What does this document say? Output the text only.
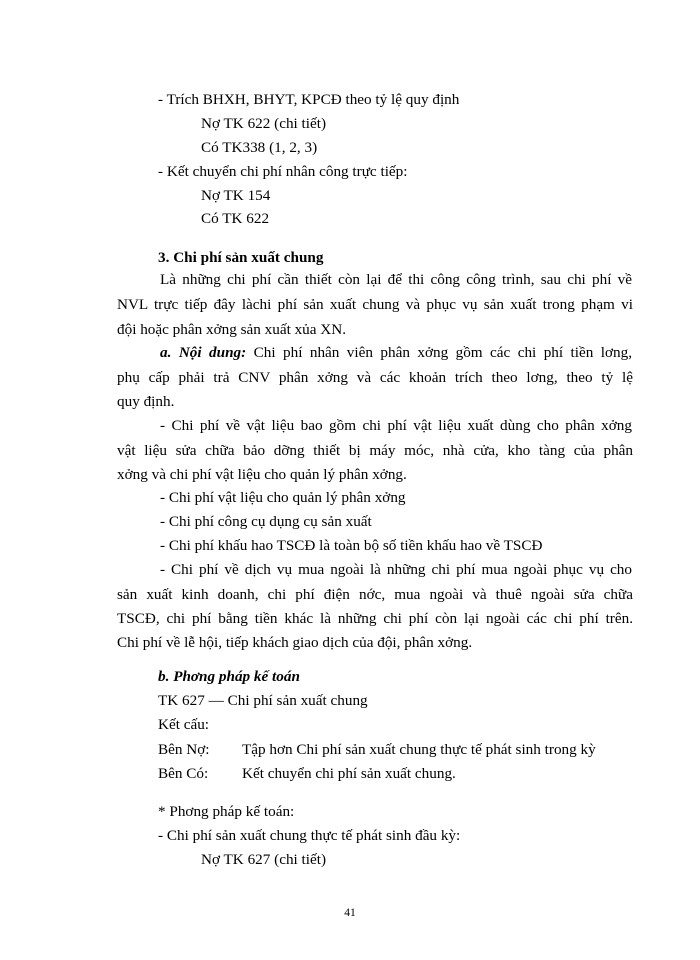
- Trích BHXH, BHYT, KPCĐ theo tỷ lệ quy định
Nợ TK 622 (chi tiết)
Có TK338 (1, 2, 3)
- Kết chuyển chi phí nhân công trực tiếp:
Nợ TK 154
Có TK 622
3. Chi phí sản xuất chung
Là những chi phí cần thiết còn lại để thi công công trình, sau chi phí về
NVL trực tiếp đây làchi phí sản xuất chung và phục vụ sản xuất trong phạm vi
đội hoặc phân xởng sản xuất xủa XN.
a. Nội dung: Chi phí nhân viên phân xởng gồm các chi phí tiền lơng,
phụ cấp phải trả CNV phân xởng và các khoản trích theo lơng, theo tỷ lệ
quy định.
- Chi phí về vật liệu bao gồm chi phí vật liệu xuất dùng cho phân xởng
vật liệu sửa chữa bảo dỡng thiết bị máy móc, nhà cửa, kho tàng của phân
xởng và chi phí vật liệu cho quản lý phân xởng.
- Chi phí vật liệu cho quản lý phân xởng
- Chi phí công cụ dụng cụ sản xuất
- Chi phí khấu hao TSCĐ là toàn bộ số tiền khấu hao về TSCĐ
- Chi phí về dịch vụ mua ngoài là những chi phí mua ngoài phục vụ cho
sản xuất kinh doanh, chi phí điện nớc, mua ngoài và thuê ngoài sửa chữa
TSCĐ, chi phí bằng tiền khác là những chi phí còn lại ngoài các chi phí trên.
Chi phí về lễ hội, tiếp khách giao dịch của đội, phân xởng.
b. Phơng pháp kế toán
TK 627 — Chi phí sản xuất chung
Kết cấu:
Bên Nợ: Tập hơn Chi phí sản xuất chung thực tế phát sinh trong kỳ
Bên Có: Kết chuyển chi phí sản xuất chung.
* Phơng pháp kế toán:
- Chi phí sản xuất chung thực tế phát sinh đầu kỳ:
Nợ TK 627 (chi tiết)
41
